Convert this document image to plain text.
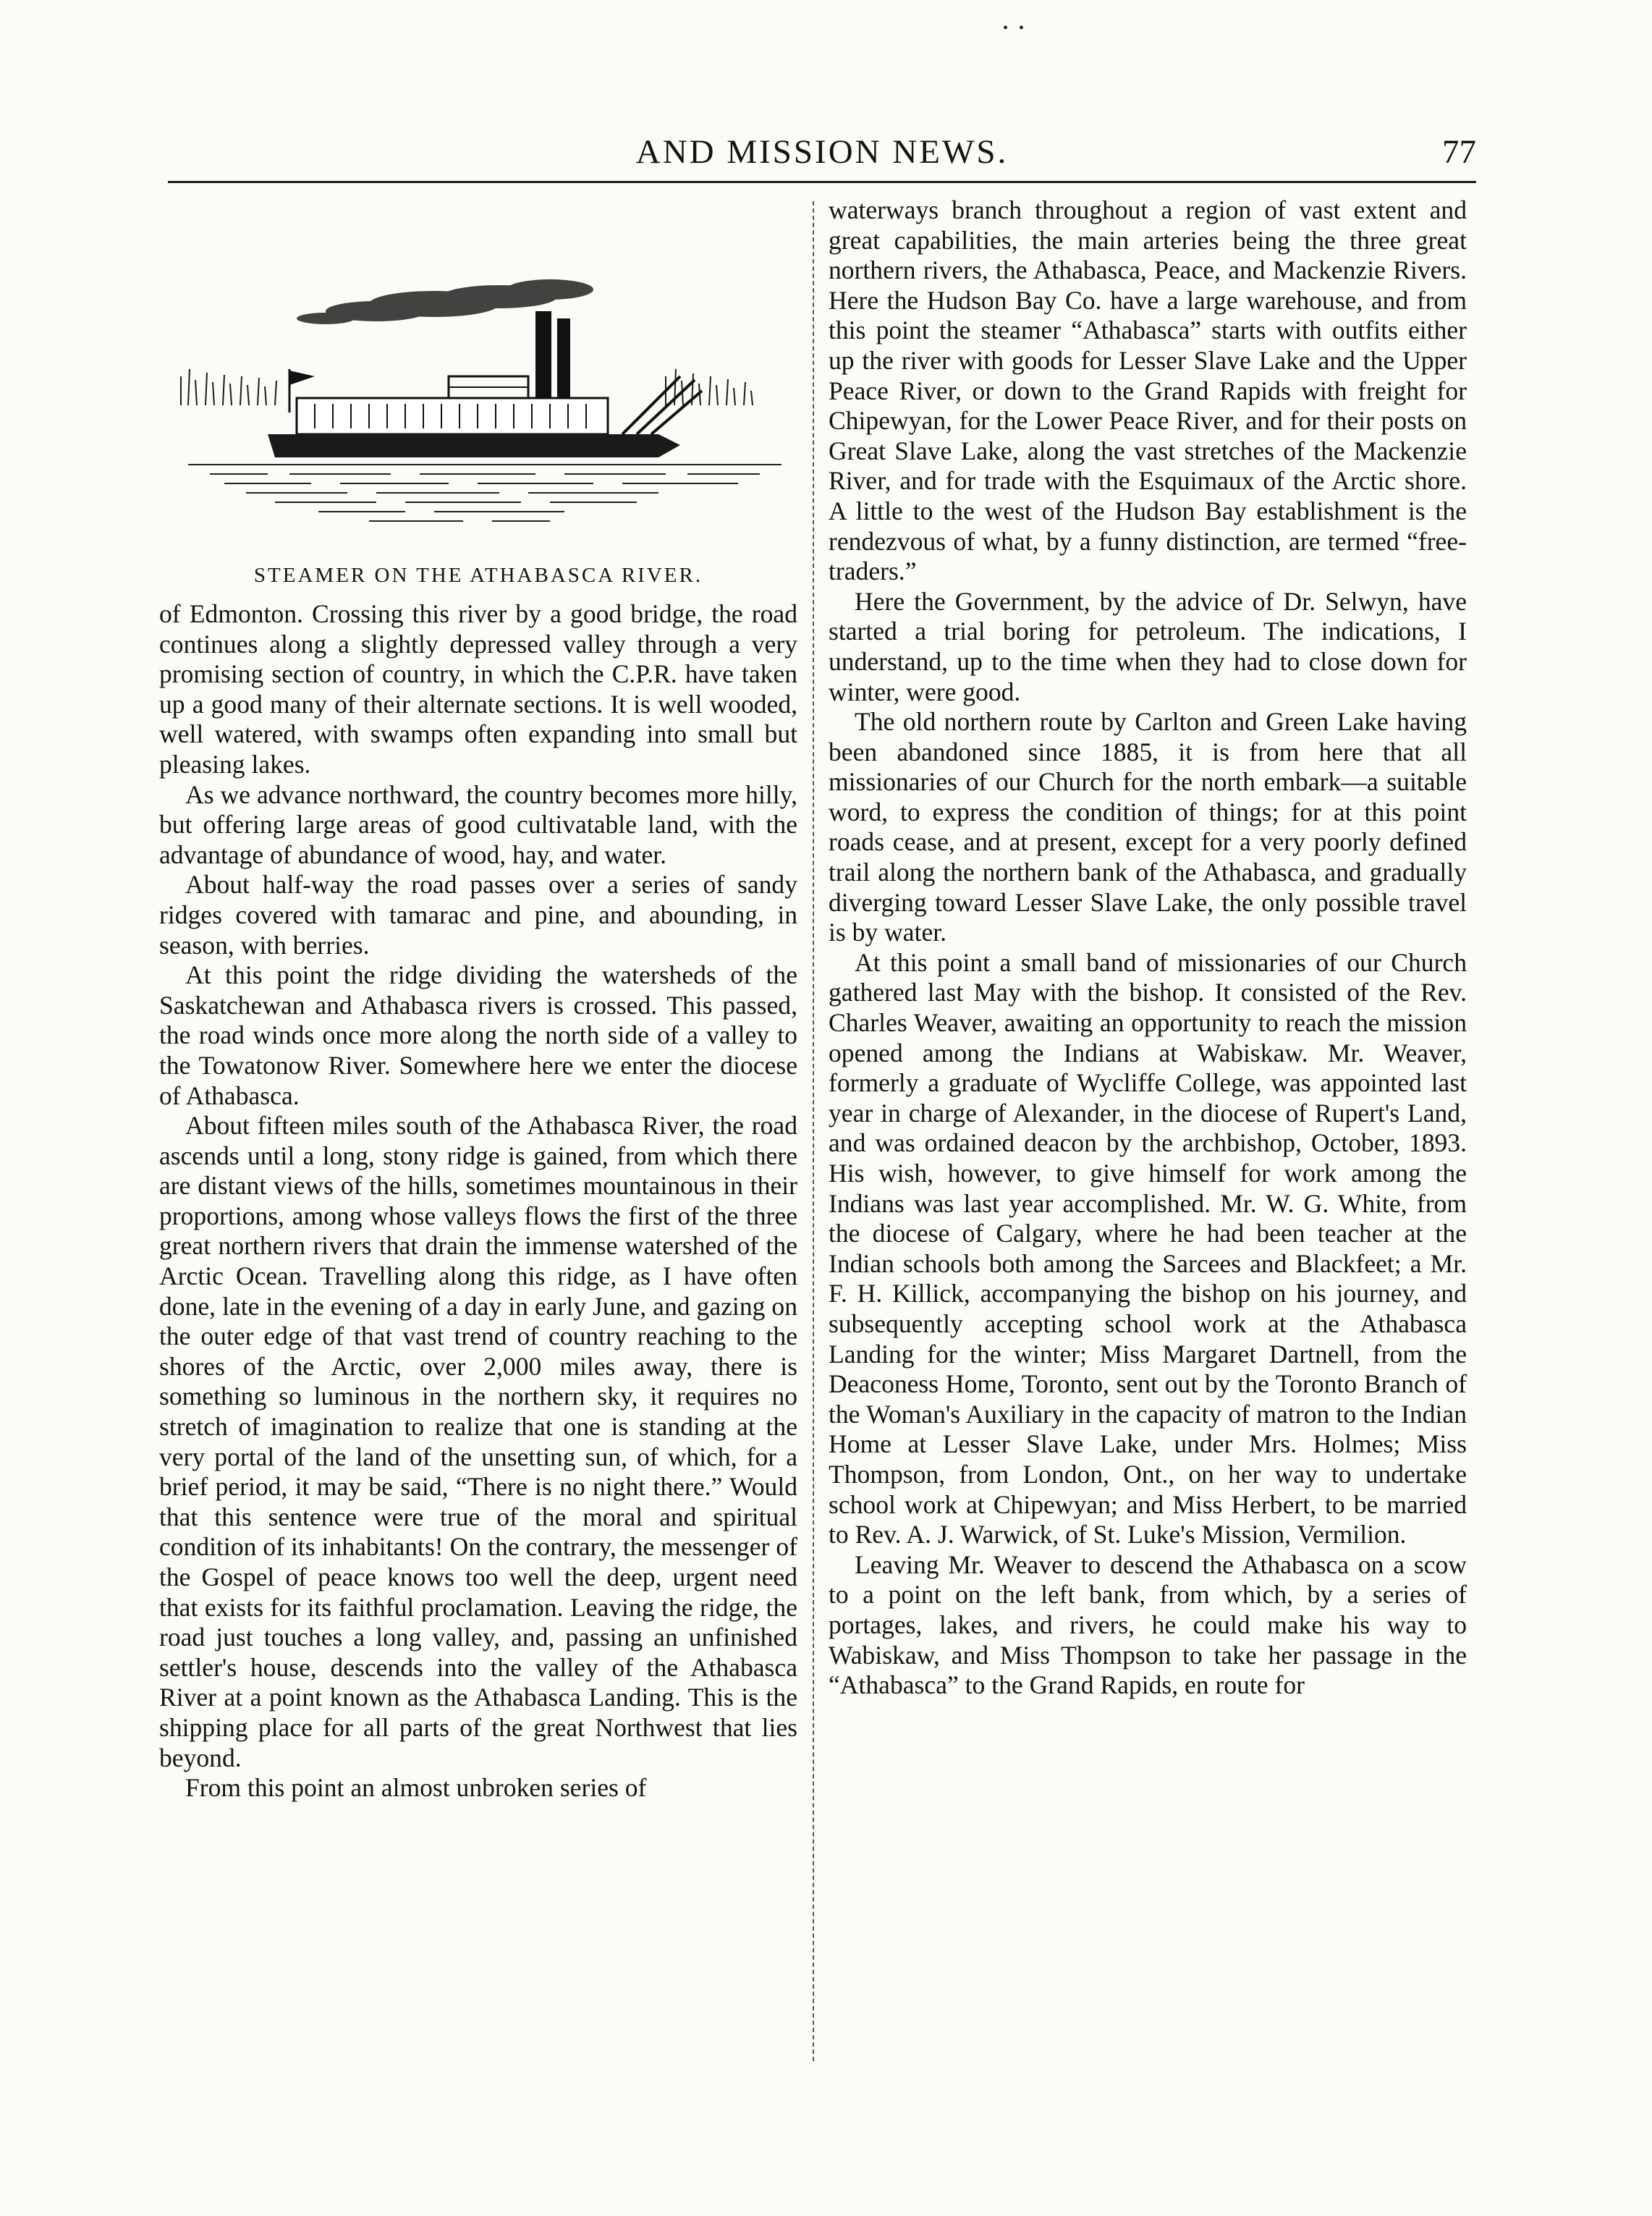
AND MISSION NEWS.	77
•   •
STEAMER ON THE ATHABASCA RIVER.

of Edmonton. Crossing this river by a good bridge, the road continues along a slightly depressed valley through a very promising section of country, in which the C.P.R. have taken up a good many of their alternate sections. It is well wooded, well watered, with swamps often expanding into small but pleasing lakes.

As we advance northward, the country becomes more hilly, but offering large areas of good cultivatable land, with the advantage of abundance of wood, hay, and water.

About half-way the road passes over a series of sandy ridges covered with tamarac and pine, and abounding, in season, with berries.

At this point the ridge dividing the watersheds of the Saskatchewan and Athabasca rivers is crossed. This passed, the road winds once more along the north side of a valley to the Towatonow River. Somewhere here we enter the diocese of Athabasca.

About fifteen miles south of the Athabasca River, the road ascends until a long, stony ridge is gained, from which there are distant views of the hills, sometimes mountainous in their proportions, among whose valleys flows the first of the three great northern rivers that drain the immense watershed of the Arctic Ocean. Travelling along this ridge, as I have often done, late in the evening of a day in early June, and gazing on the outer edge of that vast trend of country reaching to the shores of the Arctic, over 2,000 miles away, there is something so luminous in the northern sky, it requires no stretch of imagination to realize that one is standing at the very portal of the land of the unsetting sun, of which, for a brief period, it may be said, “There is no night there.” Would that this sentence were true of the moral and spiritual condition of its inhabitants! On the contrary, the messenger of the Gospel of peace knows too well the deep, urgent need that exists for its faithful proclamation. Leaving the ridge, the road just touches a long valley, and, passing an unfinished settler's house, descends into the valley of the Athabasca River at a point known as the Athabasca Landing. This is the shipping place for all parts of the great Northwest that lies beyond.

From this point an almost unbroken series of

waterways branch throughout a region of vast extent and great capabilities, the main arteries being the three great northern rivers, the Athabasca, Peace, and Mackenzie Rivers. Here the Hudson Bay Co. have a large warehouse, and from this point the steamer “Athabasca” starts with outfits either up the river with goods for Lesser Slave Lake and the Upper Peace River, or down to the Grand Rapids with freight for Chipewyan, for the Lower Peace River, and for their posts on Great Slave Lake, along the vast stretches of the Mackenzie River, and for trade with the Esquimaux of the Arctic shore. A little to the west of the Hudson Bay establishment is the rendezvous of what, by a funny distinction, are termed “free-traders.”

Here the Government, by the advice of Dr. Selwyn, have started a trial boring for petroleum. The indications, I understand, up to the time when they had to close down for winter, were good.

The old northern route by Carlton and Green Lake having been abandoned since 1885, it is from here that all missionaries of our Church for the north embark—a suitable word, to express the condition of things; for at this point roads cease, and at present, except for a very poorly defined trail along the northern bank of the Athabasca, and gradually diverging toward Lesser Slave Lake, the only possible travel is by water.

At this point a small band of missionaries of our Church gathered last May with the bishop. It consisted of the Rev. Charles Weaver, awaiting an opportunity to reach the mission opened among the Indians at Wabiskaw. Mr. Weaver, formerly a graduate of Wycliffe College, was appointed last year in charge of Alexander, in the diocese of Rupert's Land, and was ordained deacon by the archbishop, October, 1893. His wish, however, to give himself for work among the Indians was last year accomplished. Mr. W. G. White, from the diocese of Calgary, where he had been teacher at the Indian schools both among the Sarcees and Blackfeet; a Mr. F. H. Killick, accompanying the bishop on his journey, and subsequently accepting school work at the Athabasca Landing for the winter; Miss Margaret Dartnell, from the Deaconess Home, Toronto, sent out by the Toronto Branch of the Woman's Auxiliary in the capacity of matron to the Indian Home at Lesser Slave Lake, under Mrs. Holmes; Miss Thompson, from London, Ont., on her way to undertake school work at Chipewyan; and Miss Herbert, to be married to Rev. A. J. Warwick, of St. Luke's Mission, Vermilion.

Leaving Mr. Weaver to descend the Athabasca on a scow to a point on the left bank, from which, by a series of portages, lakes, and rivers, he could make his way to Wabiskaw, and Miss Thompson to take her passage in the “Athabasca” to the Grand Rapids, en route for
